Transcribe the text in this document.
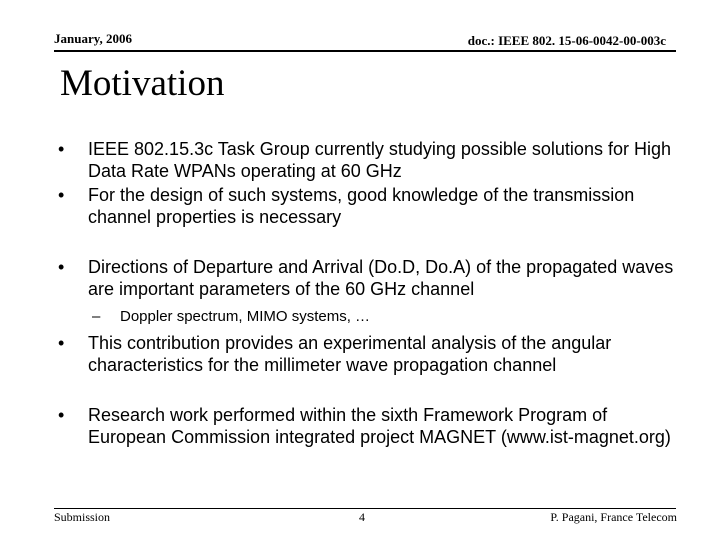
January, 2006	doc.: IEEE 802. 15-06-0042-00-003c
Motivation
• IEEE 802.15.3c Task Group currently studying possible solutions for High Data Rate WPANs operating at 60 GHz
• For the design of such systems, good knowledge of the transmission channel properties is necessary
• Directions of Departure and Arrival (Do.D, Do.A) of the propagated waves are important parameters of the 60 GHz channel
– Doppler spectrum, MIMO systems, …
• This contribution provides an experimental analysis of the angular characteristics for the millimeter wave propagation channel
• Research work performed within the sixth Framework Program of European Commission integrated project MAGNET (www.ist-magnet.org)
Submission	4	P. Pagani, France Telecom
